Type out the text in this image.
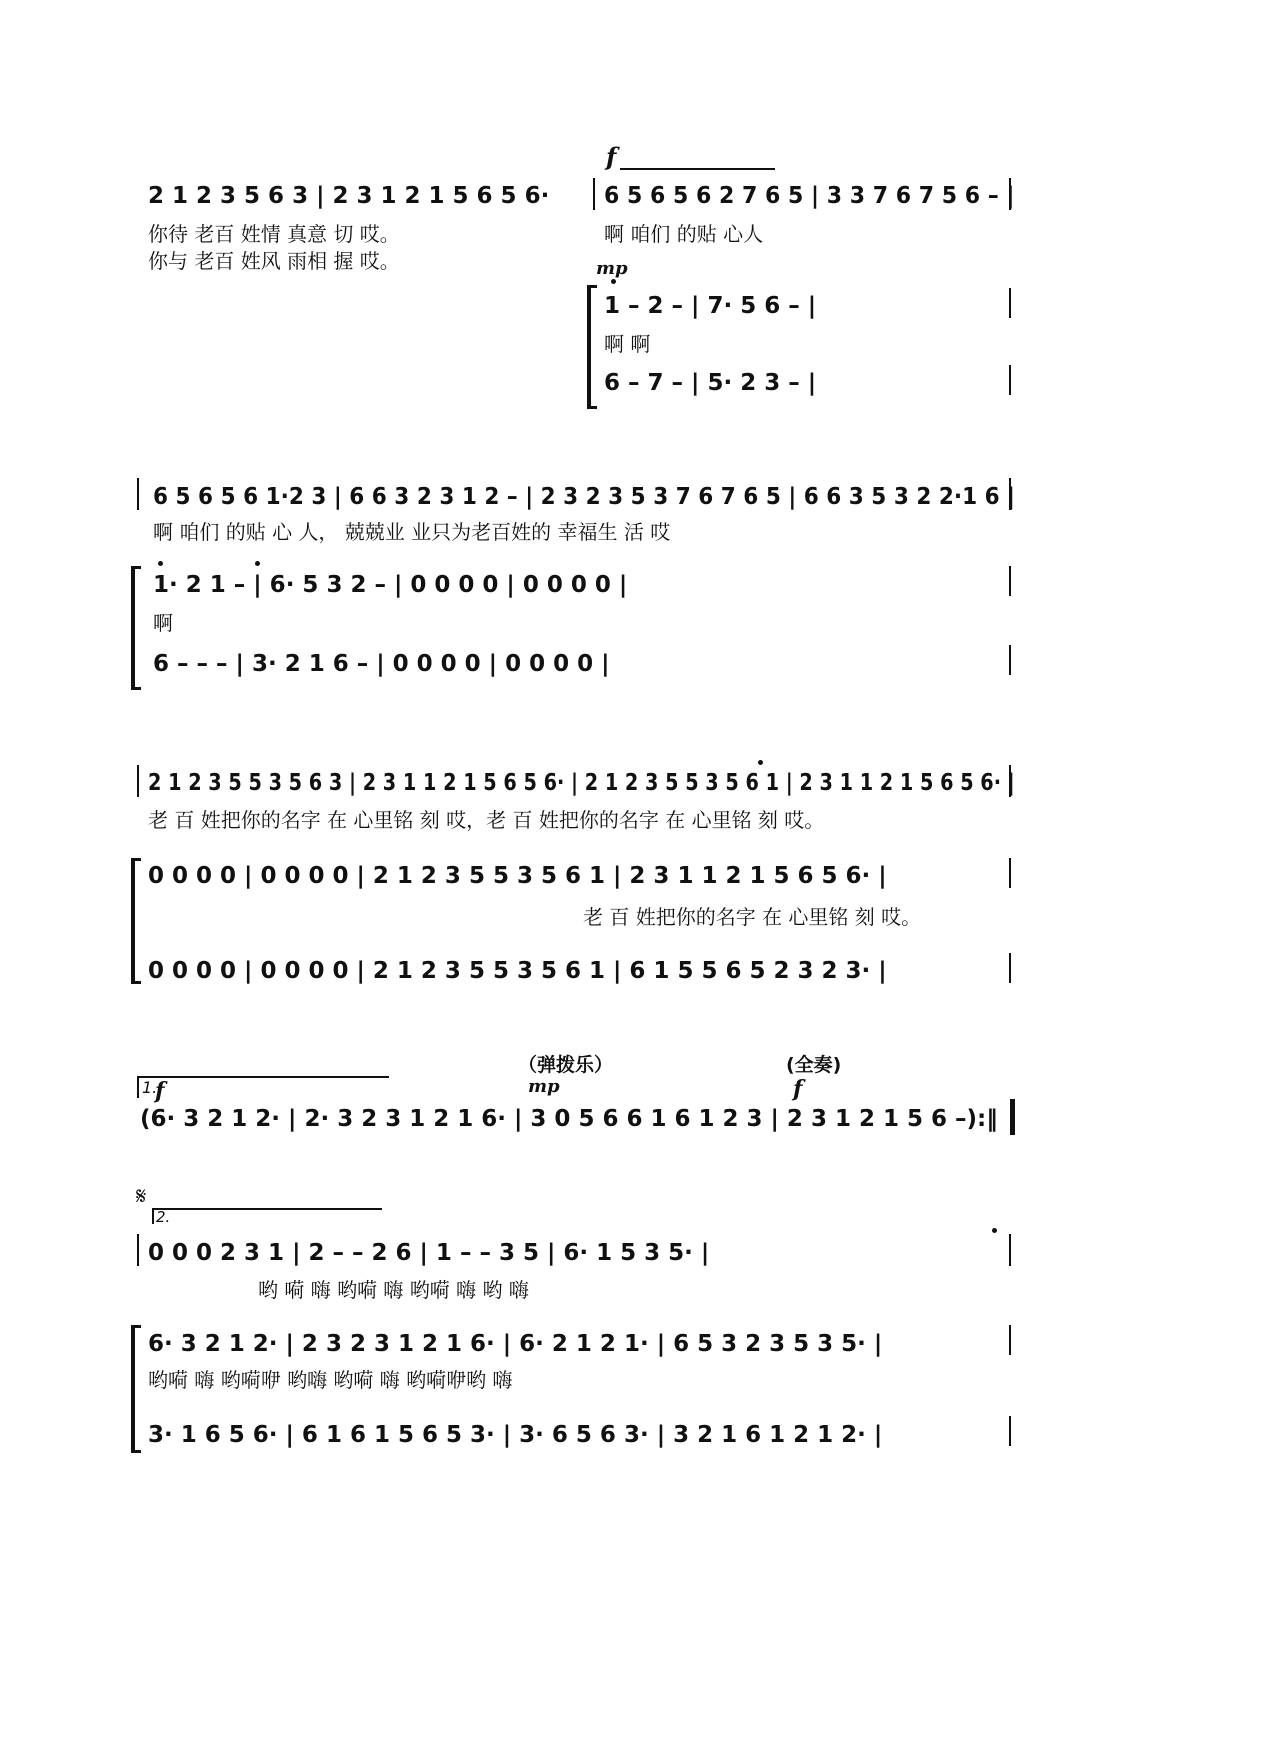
f
mp
（弹拨乐）	(全奏)
1.
f	mp	f
𝄋
2.
2 1 2 3 5 6 3 | 2 3 1 2 1 5 6 5 6·
你待 老百 姓情 真意 切 哎。
你与 老百 姓风 雨相 握 哎。
6 5 6 5 6 2 7 6 5 | 3 3 7 6 7 5 6 – |
啊 咱们 的贴 心人
1 – 2 – | 7· 5 6 – |
啊 啊
6 – 7 – | 5· 2 3 – |
6 5 6 5 6 1·2 3 | 6 6 3 2 3 1 2 – | 2 3 2 3 5 3 7 6 7 6 5 | 6 6 3 5 3 2 2·1 6 |
啊 咱们 的贴 心 人， 兢兢业 业只为老百姓的 幸福生 活 哎
1· 2 1 – | 6· 5 3 2 – | 0 0 0 0 | 0 0 0 0 |
啊
6 – – – | 3· 2 1 6 – | 0 0 0 0 | 0 0 0 0 |
2 1 2 3 5 5 3 5 6 3 | 2 3 1 1 2 1 5 6 5 6· | 2 1 2 3 5 5 3 5 6 1 | 2 3 1 1 2 1 5 6 5 6· |
老 百 姓把你的名字 在 心里铭 刻 哎，老 百 姓把你的名字 在 心里铭 刻 哎。
0 0 0 0 | 0 0 0 0 | 2 1 2 3 5 5 3 5 6 1 | 2 3 1 1 2 1 5 6 5 6· |
老 百 姓把你的名字 在 心里铭 刻 哎。
0 0 0 0 | 0 0 0 0 | 2 1 2 3 5 5 3 5 6 1 | 6 1 5 5 6 5 2 3 2 3· |
(6· 3 2 1 2· | 2· 3 2 3 1 2 1 6· | 3 0 5 6 6 1 6 1 2 3 | 2 3 1 2 1 5 6 –):‖
0 0 0 2 3 1 | 2 – – 2 6 | 1 – – 3 5 | 6· 1 5 3 5· |
哟 嗬 嗨 哟嗬 嗨 哟嗬 嗨 哟 嗨
6· 3 2 1 2· | 2 3 2 3 1 2 1 6· | 6· 2 1 2 1· | 6 5 3 2 3 5 3 5· |
哟嗬 嗨 哟嗬咿 哟嗨 哟嗬 嗨 哟嗬咿哟 嗨
3· 1 6 5 6· | 6 1 6 1 5 6 5 3· | 3· 6 5 6 3· | 3 2 1 6 1 2 1 2· |
